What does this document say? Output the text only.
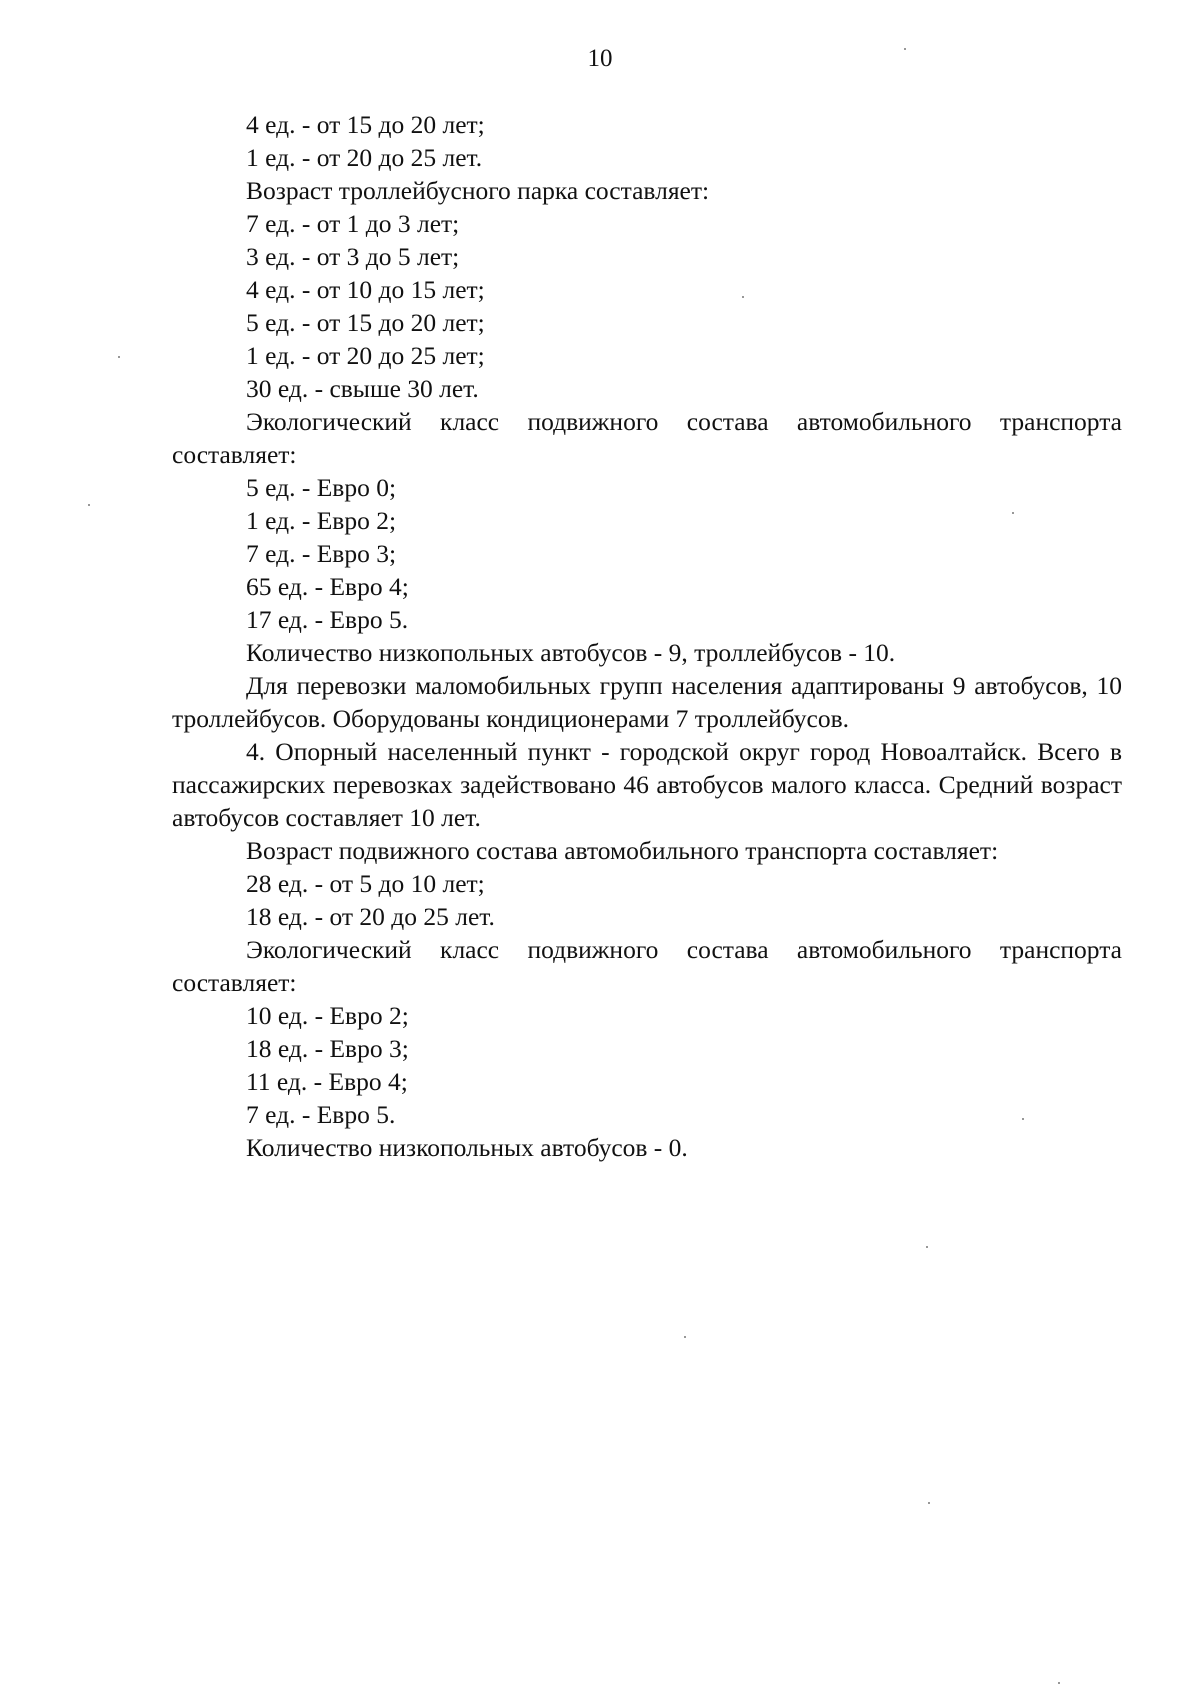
10

4 ед. - от 15 до 20 лет;

1 ед. - от 20 до 25 лет.

Возраст троллейбусного парка составляет:

7 ед. - от 1 до 3 лет;

3 ед. - от 3 до 5 лет;

4 ед. - от 10 до 15 лет;

5 ед. - от 15 до 20 лет;

1 ед. - от 20 до 25 лет;

30 ед. - свыше 30 лет.

Экологический класс подвижного состава автомобильного транспорта составляет:

5 ед. - Евро 0;

1 ед. - Евро 2;

7 ед. - Евро 3;

65 ед. - Евро 4;

17 ед. - Евро 5.

Количество низкопольных автобусов - 9, троллейбусов - 10.

Для перевозки маломобильных групп населения адаптированы 9 автобусов, 10 троллейбусов. Оборудованы кондиционерами 7 троллейбусов.

4. Опорный населенный пункт - городской округ город Новоалтайск. Всего в пассажирских перевозках задействовано 46 автобусов малого класса. Средний возраст автобусов составляет 10 лет.

Возраст подвижного состава автомобильного транспорта составляет:

28 ед. - от 5 до 10 лет;

18 ед. - от 20 до 25 лет.

Экологический класс подвижного состава автомобильного транспорта составляет:

10 ед. - Евро 2;

18 ед. - Евро 3;

11 ед. - Евро 4;

7 ед. - Евро 5.

Количество низкопольных автобусов - 0.
